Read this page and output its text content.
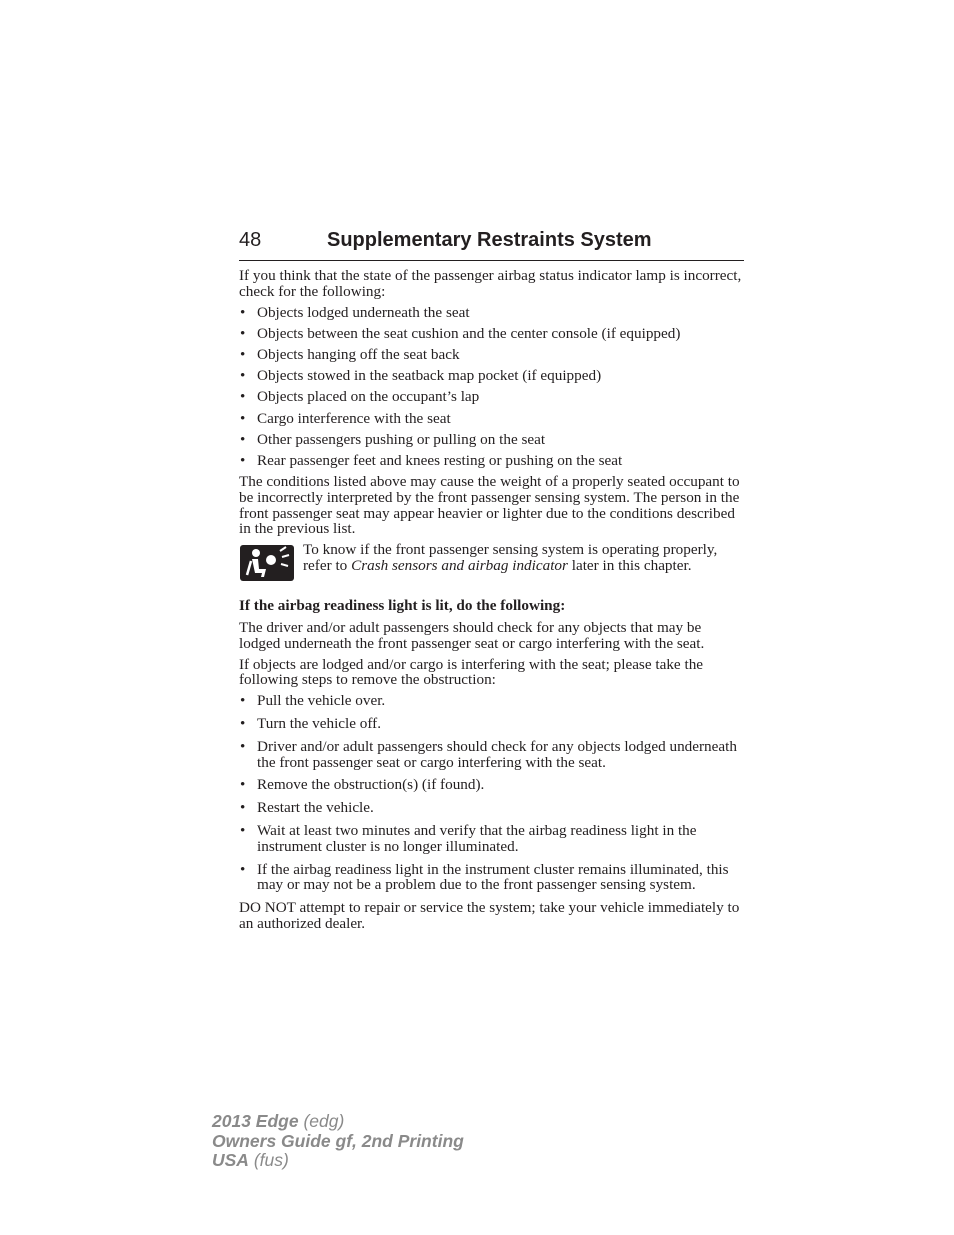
48	Supplementary Restraints System

If you think that the state of the passenger airbag status indicator lamp is incorrect, check for the following:

• Objects lodged underneath the seat
• Objects between the seat cushion and the center console (if equipped)
• Objects hanging off the seat back
• Objects stowed in the seatback map pocket (if equipped)
• Objects placed on the occupant’s lap
• Cargo interference with the seat
• Other passengers pushing or pulling on the seat
• Rear passenger feet and knees resting or pushing on the seat

The conditions listed above may cause the weight of a properly seated occupant to be incorrectly interpreted by the front passenger sensing system. The person in the front passenger seat may appear heavier or lighter due to the conditions described in the previous list.

To know if the front passenger sensing system is operating properly, refer to Crash sensors and airbag indicator later in this chapter.

If the airbag readiness light is lit, do the following:

The driver and/or adult passengers should check for any objects that may be lodged underneath the front passenger seat or cargo interfering with the seat.

If objects are lodged and/or cargo is interfering with the seat; please take the following steps to remove the obstruction:

• Pull the vehicle over.
• Turn the vehicle off.
• Driver and/or adult passengers should check for any objects lodged underneath the front passenger seat or cargo interfering with the seat.
• Remove the obstruction(s) (if found).
• Restart the vehicle.
• Wait at least two minutes and verify that the airbag readiness light in the instrument cluster is no longer illuminated.
• If the airbag readiness light in the instrument cluster remains illuminated, this may or may not be a problem due to the front passenger sensing system.

DO NOT attempt to repair or service the system; take your vehicle immediately to an authorized dealer.

2013 Edge (edg)
Owners Guide gf, 2nd Printing
USA (fus)
